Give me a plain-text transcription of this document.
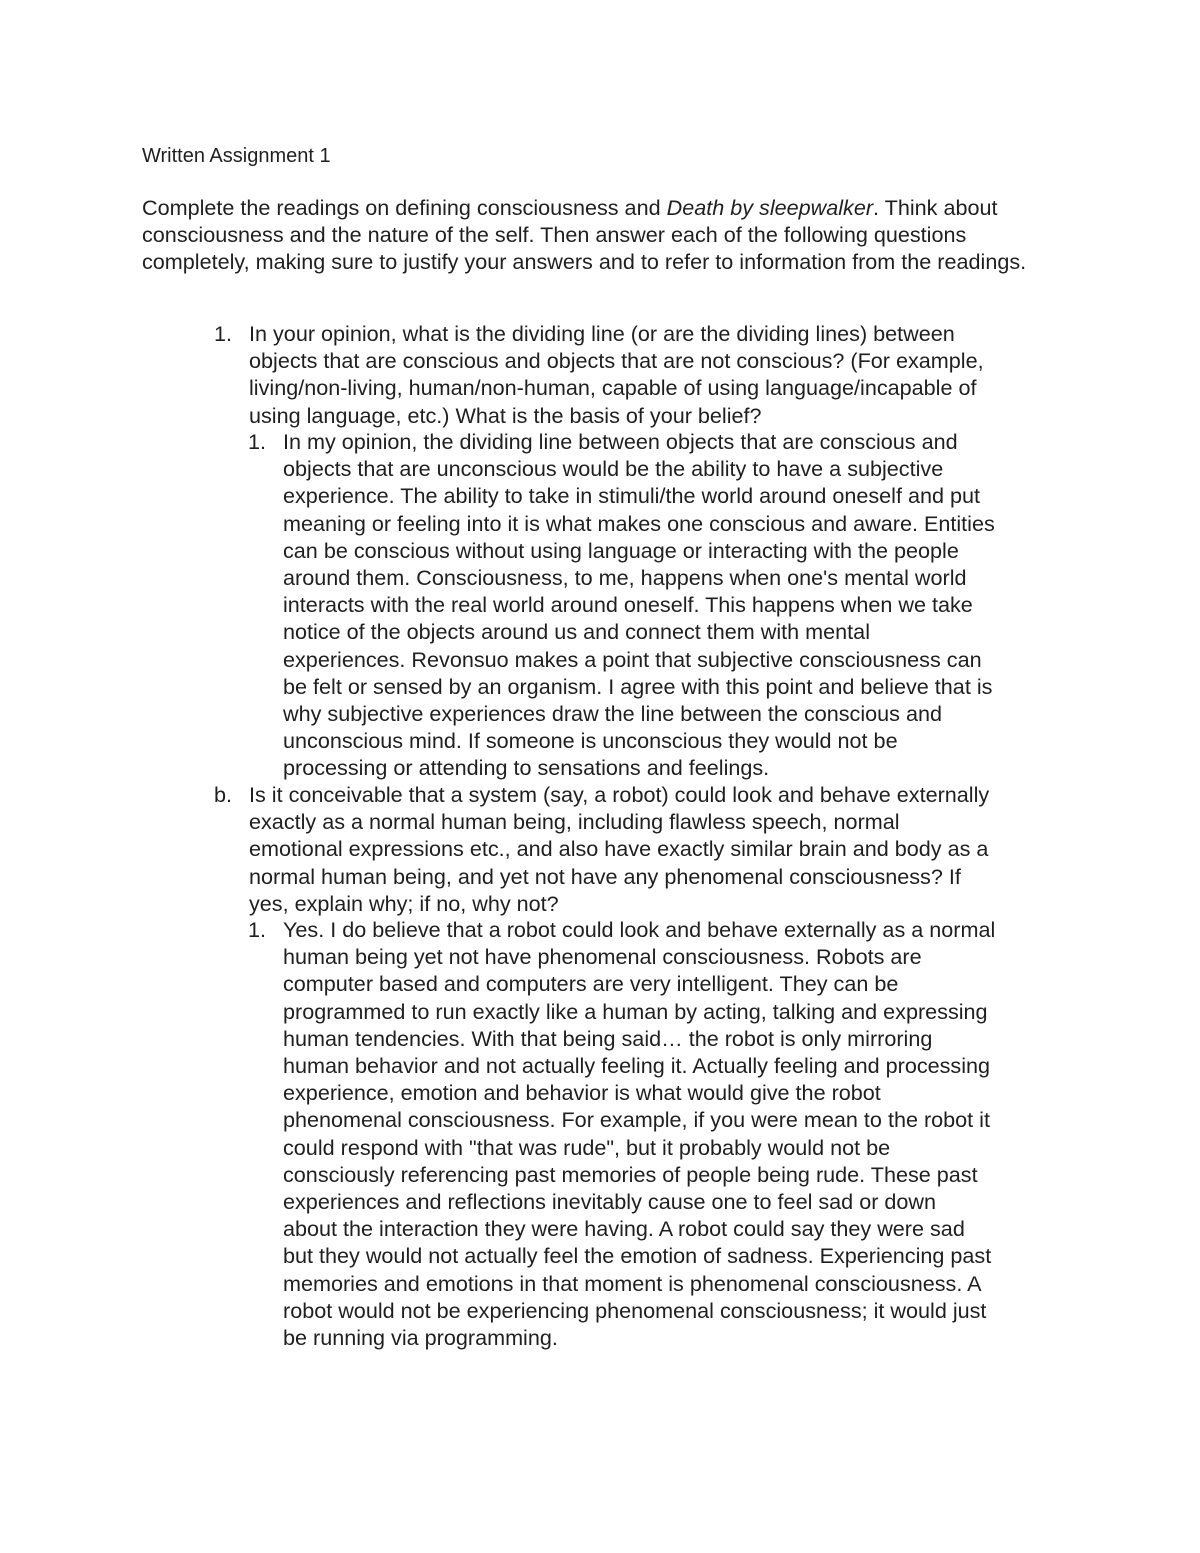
Written Assignment 1
Complete the readings on defining consciousness and Death by sleepwalker. Think about consciousness and the nature of the self. Then answer each of the following questions completely, making sure to justify your answers and to refer to information from the readings.
1. In your opinion, what is the dividing line (or are the dividing lines) between
objects that are conscious and objects that are not conscious? (For example,
living/non-living, human/non-human, capable of using language/incapable of
using language, etc.) What is the basis of your belief?
1. In my opinion, the dividing line between objects that are conscious and
objects that are unconscious would be the ability to have a subjective
experience. The ability to take in stimuli/the world around oneself and put
meaning or feeling into it is what makes one conscious and aware. Entities
can be conscious without using language or interacting with the people
around them. Consciousness, to me, happens when one's mental world
interacts with the real world around oneself. This happens when we take
notice of the objects around us and connect them with mental
experiences. Revonsuo makes a point that subjective consciousness can
be felt or sensed by an organism. I agree with this point and believe that is
why subjective experiences draw the line between the conscious and
unconscious mind. If someone is unconscious they would not be
processing or attending to sensations and feelings.
b. Is it conceivable that a system (say, a robot) could look and behave externally
exactly as a normal human being, including flawless speech, normal
emotional expressions etc., and also have exactly similar brain and body as a
normal human being, and yet not have any phenomenal consciousness? If
yes, explain why; if no, why not?
1. Yes. I do believe that a robot could look and behave externally as a normal
human being yet not have phenomenal consciousness. Robots are
computer based and computers are very intelligent. They can be
programmed to run exactly like a human by acting, talking and expressing
human tendencies. With that being said… the robot is only mirroring
human behavior and not actually feeling it. Actually feeling and processing
experience, emotion and behavior is what would give the robot
phenomenal consciousness. For example, if you were mean to the robot it
could respond with "that was rude", but it probably would not be
consciously referencing past memories of people being rude. These past
experiences and reflections inevitably cause one to feel sad or down
about the interaction they were having. A robot could say they were sad
but they would not actually feel the emotion of sadness. Experiencing past
memories and emotions in that moment is phenomenal consciousness. A
robot would not be experiencing phenomenal consciousness; it would just
be running via programming.
